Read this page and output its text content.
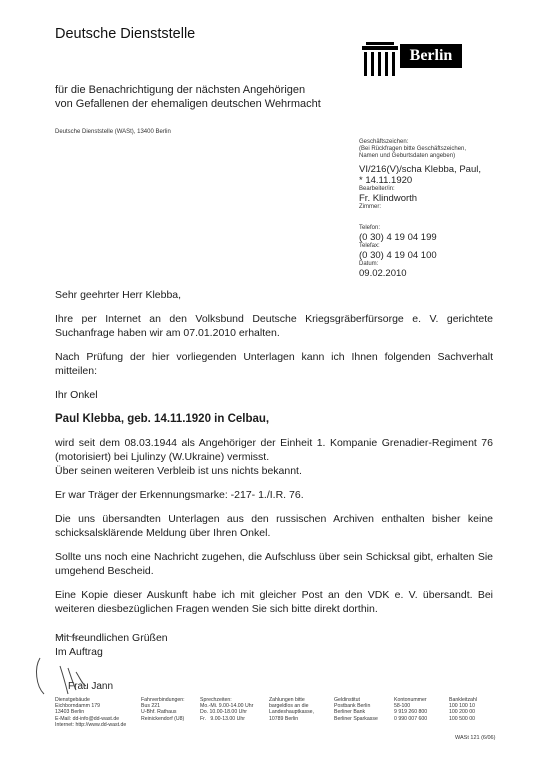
Deutsche Dienststelle
für die Benachrichtigung der nächsten Angehörigen
von Gefallenen der ehemaligen deutschen Wehrmacht
Deutsche Dienststelle (WASt), 13400 Berlin
Berlin
Geschäftszeichen:
(Bei Rückfragen bitte Geschäftszeichen,
Namen und Geburtsdaten angeben)
VI/216(V)/scha Klebba, Paul,
* 14.11.1920
Bearbeiter/in:
Fr. Klindworth
Zimmer:
Telefon:
(0 30) 4 19 04 199
Telefax:
(0 30) 4 19 04 100
Datum:
09.02.2010

Sehr geehrter Herr Klebba,

Ihre per Internet an den Volksbund Deutsche Kriegsgräberfürsorge e. V. gerichtete Suchanfrage haben wir am 07.01.2010 erhalten.

Nach Prüfung der hier vorliegenden Unterlagen kann ich Ihnen folgenden Sachverhalt mitteilen:

Ihr Onkel

Paul Klebba, geb. 14.11.1920 in Celbau,

wird seit dem 08.03.1944 als Angehöriger der Einheit 1. Kompanie Grenadier-Regiment 76 (motorisiert) bei Ljulinzy (W.Ukraine) vermisst.

Über seinen weiteren Verbleib ist uns nichts bekannt.

Er war Träger der Erkennungsmarke: -217- 1./I.R. 76.

Die uns übersandten Unterlagen aus den russischen Archiven enthalten bisher keine schicksalsklärende Meldung über Ihren Onkel.

Sollte uns noch eine Nachricht zugehen, die Aufschluss über sein Schicksal gibt, erhalten Sie umgehend Bescheid.

Eine Kopie dieser Auskunft habe ich mit gleicher Post an den VDK e. V. übersandt. Bei weiteren diesbezüglichen Fragen wenden Sie sich bitte direkt dorthin.

Mit freundlichen Grüßen
Im Auftrag
Frau Jann
Dienstgebäude
Eichborndamm 179
13403 Berlin
E-Mail: dd-info@dd-wast.de
Internet: http://www.dd-wast.de
Fahrverbindungen:
Bus 221
U-Bhf. Rathaus
Reinickendorf (U8)
Sprechzeiten:
Mo.-Mi. 9.00-14.00 Uhr
Do. 10.00-18.00 Uhr
Fr.   9.00-13.00 Uhr
Zahlungen bitte
bargeldlos an die
Landeshauptkasse,
10789 Berlin
Geldinstitut
Postbank Berlin
Berliner Bank
Berliner Sparkasse
Kontonummer
58-100
9 919 260 800
0 990 007 600
Bankleitzahl
100 100 10
100 200 00
100 500 00
WASt 121 (6/06)
